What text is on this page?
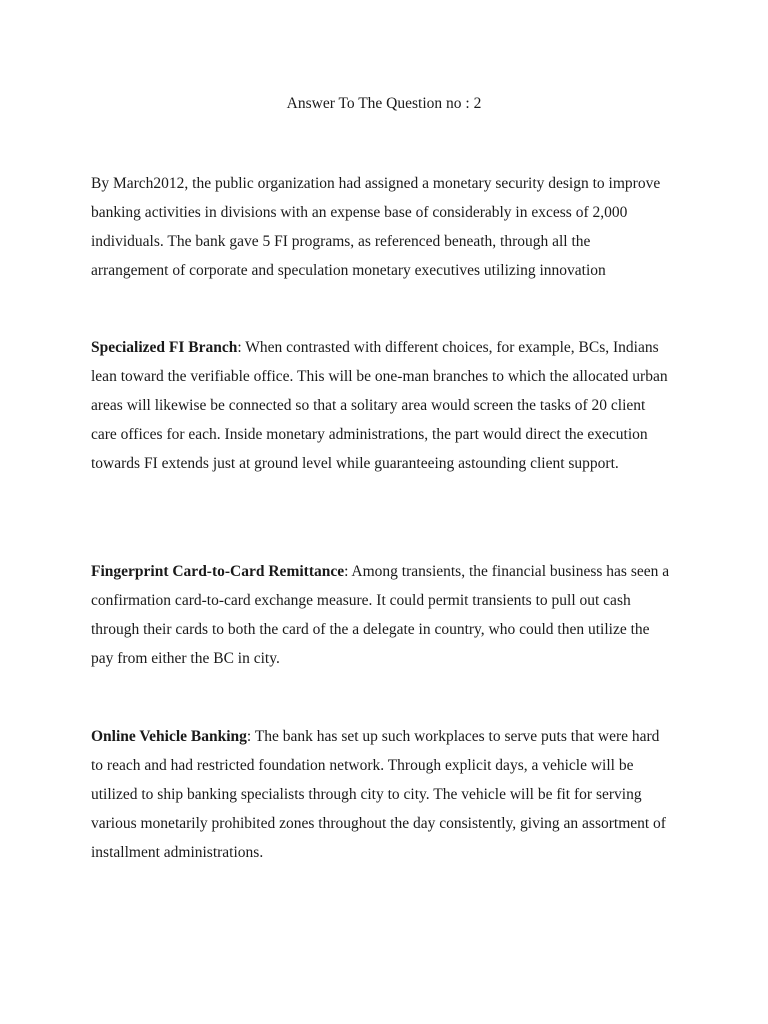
Answer To The Question no : 2

By March2012, the public organization had assigned a monetary security design to improve banking activities in divisions with an expense base of considerably in excess of 2,000 individuals. The bank gave 5 FI programs, as referenced beneath, through all the arrangement of corporate and speculation monetary executives utilizing innovation

Specialized FI Branch: When contrasted with different choices, for example, BCs, Indians lean toward the verifiable office. This will be one-man branches to which the allocated urban areas will likewise be connected so that a solitary area would screen the tasks of 20 client care offices for each. Inside monetary administrations, the part would direct the execution towards FI extends just at ground level while guaranteeing astounding client support.

Fingerprint Card-to-Card Remittance: Among transients, the financial business has seen a confirmation card-to-card exchange measure. It could permit transients to pull out cash through their cards to both the card of the a delegate in country, who could then utilize the pay from either the BC in city.

Online Vehicle Banking: The bank has set up such workplaces to serve puts that were hard to reach and had restricted foundation network. Through explicit days, a vehicle will be utilized to ship banking specialists through city to city. The vehicle will be fit for serving various monetarily prohibited zones throughout the day consistently, giving an assortment of installment administrations.
